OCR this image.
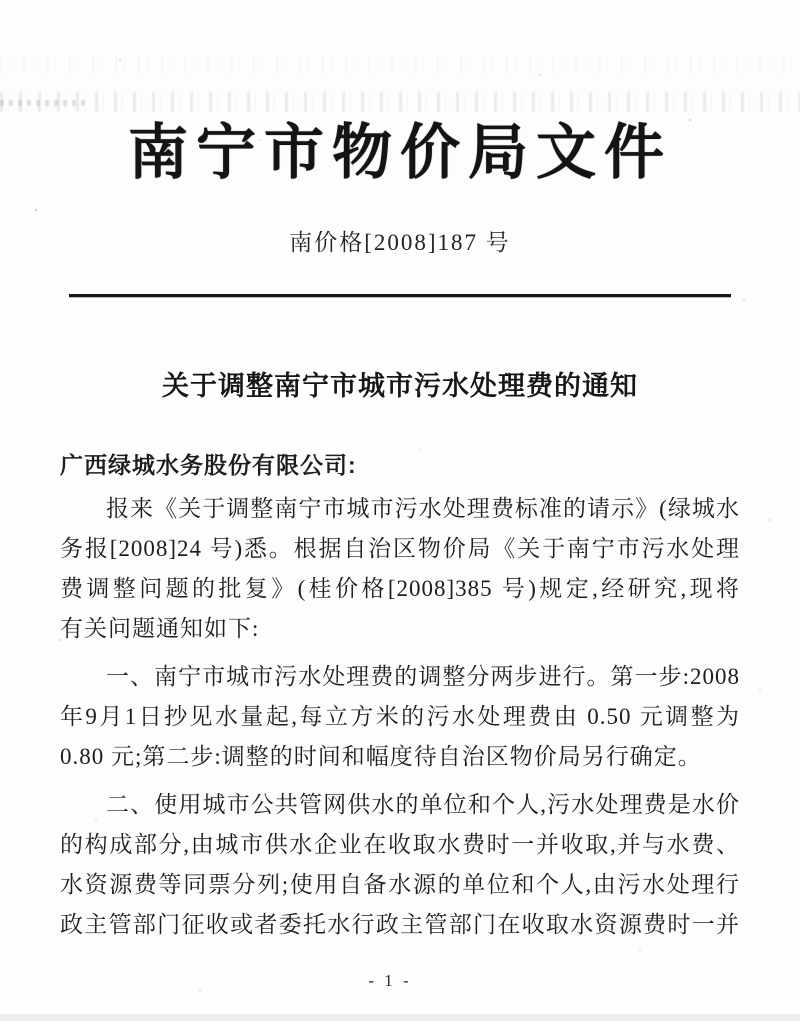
南宁市物价局文件
南价格[2008]187 号
关于调整南宁市城市污水处理费的通知
广西绿城水务股份有限公司:
报来《关于调整南宁市城市污水处理费标准的请示》(绿城水
务报[2008]24 号)悉。根据自治区物价局《关于南宁市污水处理
费调整问题的批复》(桂价格[2008]385 号)规定,经研究,现将
有关问题通知如下:
一、南宁市城市污水处理费的调整分两步进行。第一步:2008
年9月1日抄见水量起,每立方米的污水处理费由 0.50 元调整为
0.80 元;第二步:调整的时间和幅度待自治区物价局另行确定。
二、使用城市公共管网供水的单位和个人,污水处理费是水价
的构成部分,由城市供水企业在收取水费时一并收取,并与水费、
水资源费等同票分列;使用自备水源的单位和个人,由污水处理行
政主管部门征收或者委托水行政主管部门在收取水资源费时一并
- 1 -
